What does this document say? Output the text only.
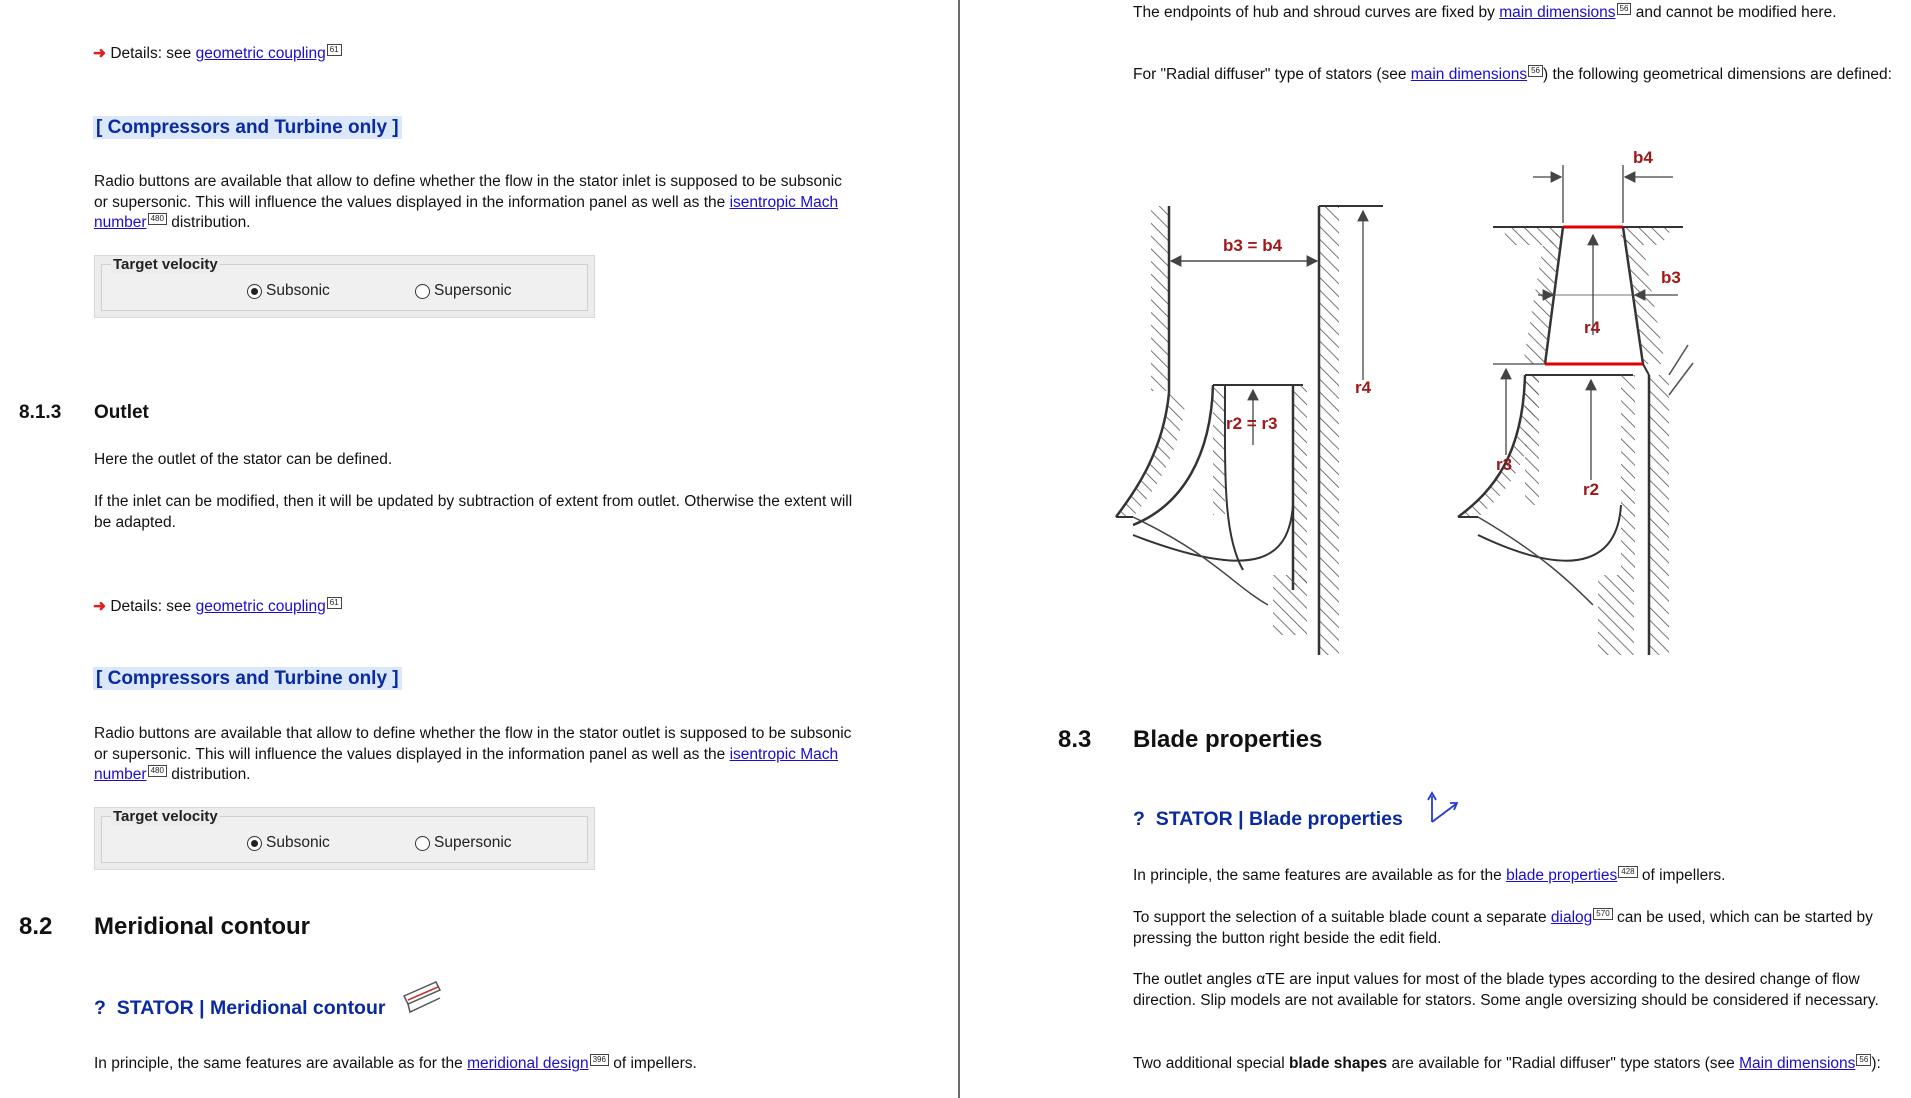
➜ Details: see geometric coupling 61
[ Compressors and Turbine only ]
Radio buttons are available that allow to define whether the flow in the stator inlet is supposed to be subsonic or supersonic. This will influence the values displayed in the information panel as well as the isentropic Mach number 480 distribution.
Target velocity
Subsonic	Supersonic
8.1.3 Outlet
Here the outlet of the stator can be defined.
If the inlet can be modified, then it will be updated by subtraction of extent from outlet. Otherwise the extent will be adapted.
➜ Details: see geometric coupling 61
[ Compressors and Turbine only ]
Radio buttons are available that allow to define whether the flow in the stator outlet is supposed to be subsonic or supersonic. This will influence the values displayed in the information panel as well as the isentropic Mach number 480 distribution.
Target velocity
Subsonic	Supersonic
8.2 Meridional contour
? STATOR | Meridional contour
In principle, the same features are available as for the meridional design 396 of impellers.
The endpoints of hub and shroud curves are fixed by main dimensions 56 and cannot be modified here.
For "Radial diffuser" type of stators (see main dimensions 56 ) the following geometrical dimensions are defined:
b3 = b4
r4
r2 = r3
b4
b3
r4
r3
r2
8.3 Blade properties
? STATOR | Blade properties
In principle, the same features are available as for the blade properties 428 of impellers.
To support the selection of a suitable blade count a separate dialog 570 can be used, which can be started by pressing the button right beside the edit field.
The outlet angles αTE are input values for most of the blade types according to the desired change of flow direction. Slip models are not available for stators. Some angle oversizing should be considered if necessary.
Two additional special blade shapes are available for "Radial diffuser" type stators (see Main dimensions 56 ):
